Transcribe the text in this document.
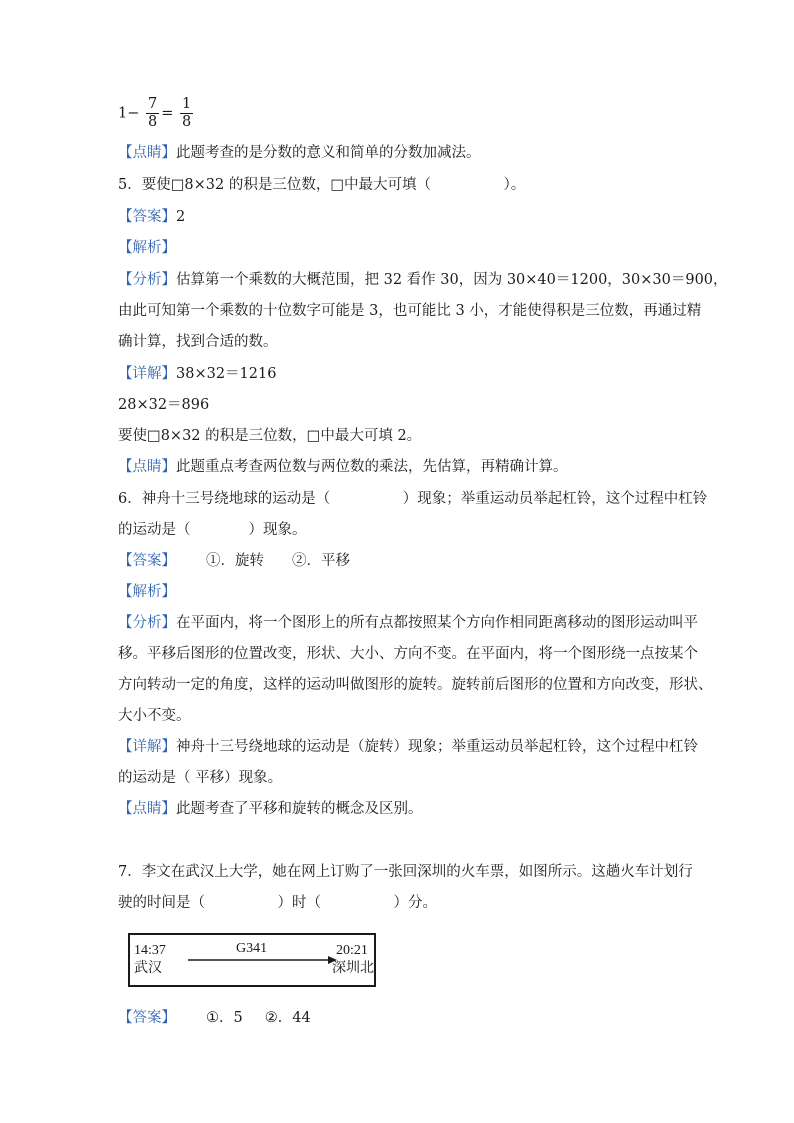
$1- \frac{7}{8} = \frac{1}{8}$
【点睛】此题考查的是分数的意义和简单的分数加减法。
5．要使□8×32 的积是三位数，□中最大可填（　　　　　）。
【答案】2
【解析】
【分析】估算第一个乘数的大概范围，把 32 看作 30，因为 30×40＝1200，30×30＝900，
由此可知第一个乘数的十位数字可能是 3，也可能比 3 小，才能使得积是三位数，再通过精
确计算，找到合适的数。
【详解】38×32＝1216
28×32＝896
要使□8×32 的积是三位数，□中最大可填 2。
【点睛】此题重点考查两位数与两位数的乘法，先估算，再精确计算。
6．神舟十三号绕地球的运动是（　　　　　）现象；举重运动员举起杠铃，这个过程中杠铃
的运动是（　　　　）现象。
【答案】 ①．旋转 ②．平移
【解析】
【分析】在平面内，将一个图形上的所有点都按照某个方向作相同距离移动的图形运动叫平
移。平移后图形的位置改变，形状、大小、方向不变。在平面内，将一个图形绕一点按某个
方向转动一定的角度，这样的运动叫做图形的旋转。旋转前后图形的位置和方向改变，形状、
大小不变。
【详解】神舟十三号绕地球的运动是（旋转）现象；举重运动员举起杠铃，这个过程中杠铃
的运动是（ 平移）现象。
【点睛】此题考查了平移和旋转的概念及区别。
7．李文在武汉上大学，她在网上订购了一张回深圳的火车票，如图所示。这趟火车计划行
驶的时间是（　　　　　）时（　　　　　）分。
14:37
武汉
G341	20:21
深圳北
【答案】 ①．5 ②．44
